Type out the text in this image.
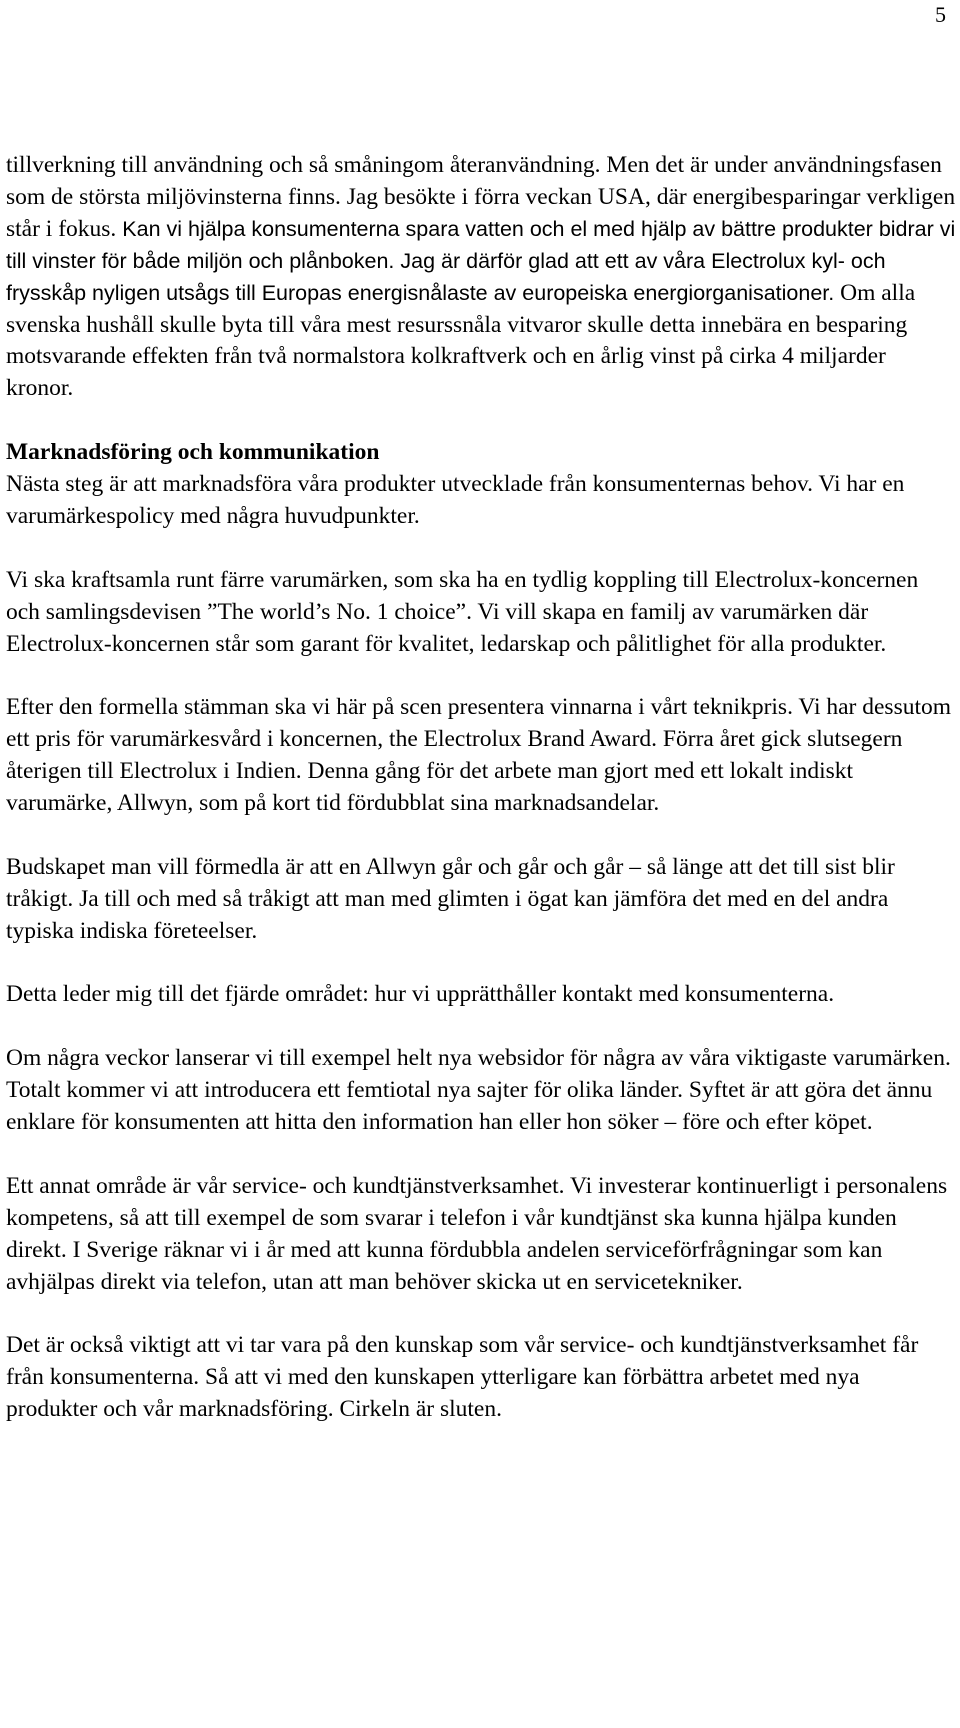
5

tillverkning till användning och så småningom återanvändning. Men det är under användningsfasen som de största miljövinsterna finns. Jag besökte i förra veckan USA, där energibesparingar verkligen står i fokus. Kan vi hjälpa konsumenterna spara vatten och el med hjälp av bättre produkter bidrar vi till vinster för både miljön och plånboken. Jag är därför glad att ett av våra Electrolux kyl- och frysskåp nyligen utsågs till Europas energisnålaste av europeiska energiorganisationer. Om alla svenska hushåll skulle byta till våra mest resurssnåla vitvaror skulle detta innebära en besparing motsvarande effekten från två normalstora kolkraftverk och en årlig vinst på cirka 4 miljarder kronor.

Marknadsföring och kommunikation

Nästa steg är att marknadsföra våra produkter utvecklade från konsumenternas behov. Vi har en varumärkespolicy med några huvudpunkter.

Vi ska kraftsamla runt färre varumärken, som ska ha en tydlig koppling till Electrolux-koncernen och samlingsdevisen ”The world’s No. 1 choice”. Vi vill skapa en familj av varumärken där Electrolux-koncernen står som garant för kvalitet, ledarskap och pålitlighet för alla produkter.

Efter den formella stämman ska vi här på scen presentera vinnarna i vårt teknikpris. Vi har dessutom ett pris för varumärkesvård i koncernen, the Electrolux Brand Award. Förra året gick slutsegern återigen till Electrolux i Indien. Denna gång för det arbete man gjort med ett lokalt indiskt varumärke, Allwyn, som på kort tid fördubblat sina marknadsandelar.

Budskapet man vill förmedla är att en Allwyn går och går och går – så länge att det till sist blir tråkigt. Ja till och med så tråkigt att man med glimten i ögat kan jämföra det med en del andra typiska indiska företeelser.

Detta leder mig till det fjärde området: hur vi upprätthåller kontakt med konsumenterna.

Om några veckor lanserar vi till exempel helt nya websidor för några av våra viktigaste varumärken. Totalt kommer vi att introducera ett femtiotal nya sajter för olika länder. Syftet är att göra det ännu enklare för konsumenten att hitta den information han eller hon söker – före och efter köpet.

Ett annat område är vår service- och kundtjänstverksamhet. Vi investerar kontinuerligt i personalens kompetens, så att till exempel de som svarar i telefon i vår kundtjänst ska kunna hjälpa kunden direkt. I Sverige räknar vi i år med att kunna fördubbla andelen serviceförfrågningar som kan avhjälpas direkt via telefon, utan att man behöver skicka ut en servicetekniker.

Det är också viktigt att vi tar vara på den kunskap som vår service- och kundtjänstverksamhet får från konsumenterna. Så att vi med den kunskapen ytterligare kan förbättra arbetet med nya produkter och vår marknadsföring. Cirkeln är sluten.
